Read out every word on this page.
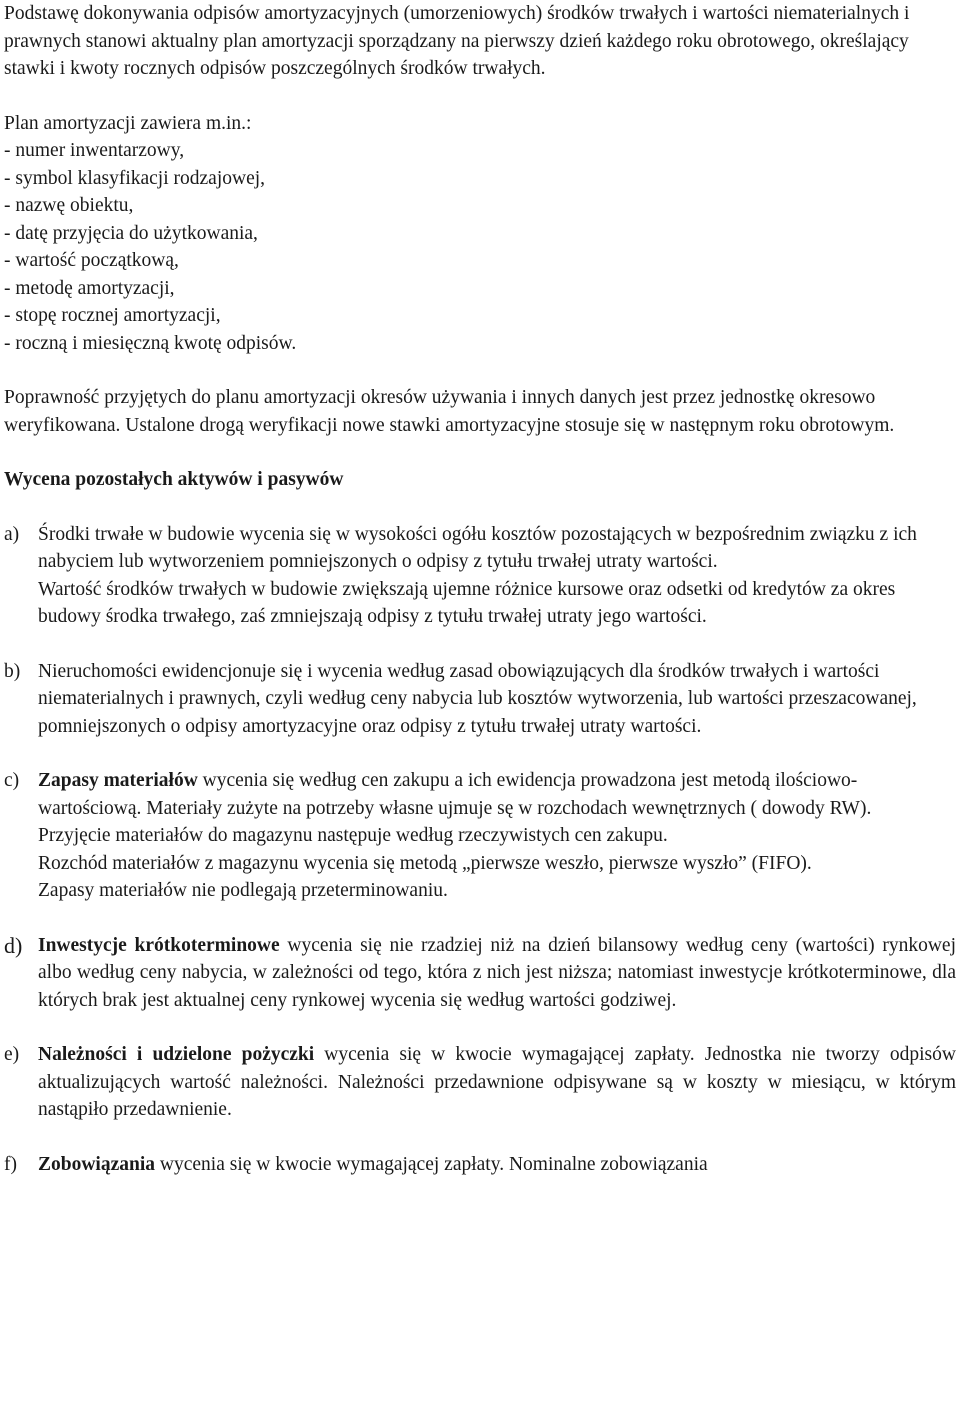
Podstawę dokonywania odpisów amortyzacyjnych (umorzeniowych) środków trwałych i wartości niematerialnych i prawnych stanowi aktualny plan amortyzacji sporządzany na pierwszy dzień każdego roku obrotowego, określający stawki i kwoty rocznych odpisów poszczególnych środków trwałych.

Plan amortyzacji zawiera m.in.:

- numer inwentarzowy,
- symbol klasyfikacji rodzajowej,
- nazwę obiektu,
- datę przyjęcia do użytkowania,
- wartość początkową,
- metodę amortyzacji,
- stopę rocznej amortyzacji,
- roczną i miesięczną kwotę odpisów.

Poprawność przyjętych do planu amortyzacji okresów używania i innych danych jest przez jednostkę okresowo weryfikowana. Ustalone drogą weryfikacji nowe stawki amortyzacyjne stosuje się w następnym roku obrotowym.

Wycena pozostałych aktywów i pasywów

a) Środki trwałe w budowie wycenia się w wysokości ogółu kosztów pozostających w bezpośrednim związku z ich nabyciem lub wytworzeniem pomniejszonych o odpisy z tytułu trwałej utraty wartości.

Wartość środków trwałych w budowie zwiększają ujemne różnice kursowe oraz odsetki od kredytów za okres budowy środka trwałego, zaś zmniejszają odpisy z tytułu trwałej utraty jego wartości.

b) Nieruchomości ewidencjonuje się i wycenia według zasad obowiązujących dla środków trwałych i wartości niematerialnych i prawnych, czyli według ceny nabycia lub kosztów wytworzenia, lub wartości przeszacowanej, pomniejszonych o odpisy amortyzacyjne oraz odpisy z tytułu trwałej utraty wartości.

c) Zapasy materiałów wycenia się według cen zakupu a ich ewidencja prowadzona jest metodą ilościowo-wartościową. Materiały zużyte na potrzeby własne ujmuje sę w rozchodach wewnętrznych ( dowody RW).

Przyjęcie materiałów do magazynu następuje według rzeczywistych cen zakupu.

Rozchód materiałów z magazynu wycenia się metodą „pierwsze weszło, pierwsze wyszło” (FIFO).

Zapasy materiałów nie podlegają przeterminowaniu.

d) Inwestycje krótkoterminowe wycenia się nie rzadziej niż na dzień bilansowy według ceny (wartości) rynkowej albo według ceny nabycia, w zależności od tego, która z nich jest niższa; natomiast inwestycje krótkoterminowe, dla których brak jest aktualnej ceny rynkowej wycenia się według wartości godziwej.

e) Należności i udzielone pożyczki wycenia się w kwocie wymagającej zapłaty. Jednostka nie tworzy odpisów aktualizujących wartość należności. Należności przedawnione odpisywane są w koszty w miesiącu, w którym nastąpiło przedawnienie.

f) Zobowiązania wycenia się w kwocie wymagającej zapłaty. Nominalne zobowiązania
